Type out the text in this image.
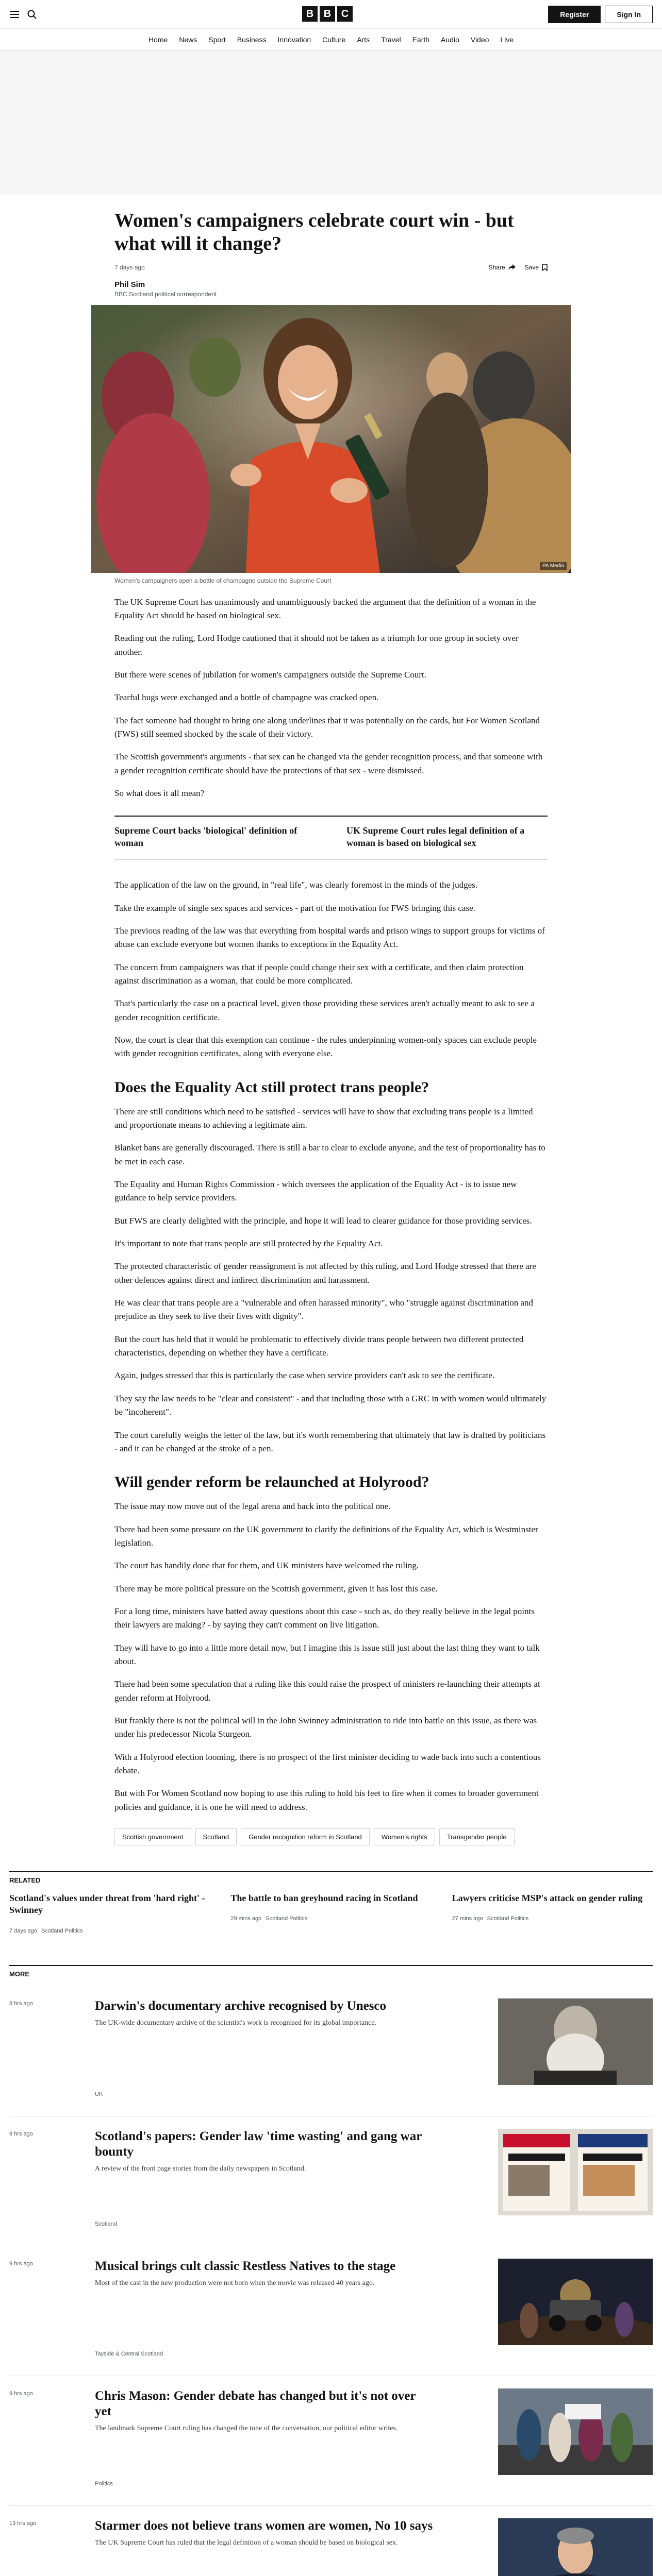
B B C	Register	Sign In
Home News Sport Business Innovation Culture Arts Travel Earth Audio Video Live
Women's campaigners celebrate court win - but what will it change?
7 days ago	Share	Save
Phil Sim
BBC Scotland political correspondent
PA Media

Women's campaigners open a bottle of champagne outside the Supreme Court

The UK Supreme Court has unanimously and unambiguously backed the argument that the definition of a woman in the Equality Act should be based on biological sex.

Reading out the ruling, Lord Hodge cautioned that it should not be taken as a triumph for one group in society over another.

But there were scenes of jubilation for women's campaigners outside the Supreme Court.

Tearful hugs were exchanged and a bottle of champagne was cracked open.

The fact someone had thought to bring one along underlines that it was potentially on the cards, but For Women Scotland (FWS) still seemed shocked by the scale of their victory.

The Scottish government's arguments - that sex can be changed via the gender recognition process, and that someone with a gender recognition certificate should have the protections of that sex - were dismissed.

So what does it all mean?

Supreme Court backs 'biological' definition of woman
UK Supreme Court rules legal definition of a woman is based on biological sex

The application of the law on the ground, in "real life", was clearly foremost in the minds of the judges.

Take the example of single sex spaces and services - part of the motivation for FWS bringing this case.

The previous reading of the law was that everything from hospital wards and prison wings to support groups for victims of abuse can exclude everyone but women thanks to exceptions in the Equality Act.

The concern from campaigners was that if people could change their sex with a certificate, and then claim protection against discrimination as a woman, that could be more complicated.

That's particularly the case on a practical level, given those providing these services aren't actually meant to ask to see a gender recognition certificate.

Now, the court is clear that this exemption can continue - the rules underpinning women-only spaces can exclude people with gender recognition certificates, along with everyone else.

Does the Equality Act still protect trans people?

There are still conditions which need to be satisfied - services will have to show that excluding trans people is a limited and proportionate means to achieving a legitimate aim.

Blanket bans are generally discouraged. There is still a bar to clear to exclude anyone, and the test of proportionality has to be met in each case.

The Equality and Human Rights Commission - which oversees the application of the Equality Act - is to issue new guidance to help service providers.

But FWS are clearly delighted with the principle, and hope it will lead to clearer guidance for those providing services.

It's important to note that trans people are still protected by the Equality Act.

The protected characteristic of gender reassignment is not affected by this ruling, and Lord Hodge stressed that there are other defences against direct and indirect discrimination and harassment.

He was clear that trans people are a "vulnerable and often harassed minority", who "struggle against discrimination and prejudice as they seek to live their lives with dignity".

But the court has held that it would be problematic to effectively divide trans people between two different protected characteristics, depending on whether they have a certificate.

Again, judges stressed that this is particularly the case when service providers can't ask to see the certificate.

They say the law needs to be "clear and consistent" - and that including those with a GRC in with women would ultimately be "incoherent".

The court carefully weighs the letter of the law, but it's worth remembering that ultimately that law is drafted by politicians - and it can be changed at the stroke of a pen.

Will gender reform be relaunched at Holyrood?

The issue may now move out of the legal arena and back into the political one.

There had been some pressure on the UK government to clarify the definitions of the Equality Act, which is Westminster legislation.

The court has handily done that for them, and UK ministers have welcomed the ruling.

There may be more political pressure on the Scottish government, given it has lost this case.

For a long time, ministers have batted away questions about this case - such as, do they really believe in the legal points their lawyers are making? - by saying they can't comment on live litigation.

They will have to go into a little more detail now, but I imagine this is issue still just about the last thing they want to talk about.

There had been some speculation that a ruling like this could raise the prospect of ministers re-launching their attempts at gender reform at Holyrood.

But frankly there is not the political will in the John Swinney administration to ride into battle on this issue, as there was under his predecessor Nicola Sturgeon.

With a Holyrood election looming, there is no prospect of the first minister deciding to wade back into such a contentious debate.

But with For Women Scotland now hoping to use this ruling to hold his feet to fire when it comes to broader government policies and guidance, it is one he will need to address.

Scottish government	Scotland	Gender recognition reform in Scotland	Women's rights	Transgender people
RELATED
Scotland's values under threat from 'hard right' - Swinney
7 days ago Scotland Politics
The battle to ban greyhound racing in Scotland
29 mins ago Scotland Politics
Lawyers criticise MSP's attack on gender ruling
27 mins ago Scotland Politics
MORE
8 hrs ago	Darwin's documentary archive recognised by Unesco
The UK-wide documentary archive of the scientist's work is recognised for its global importance.
UK
9 hrs ago	Scotland's papers: Gender law 'time wasting' and gang war bounty
A review of the front page stories from the daily newspapers in Scotland.
Scotland
9 hrs ago	Musical brings cult classic Restless Natives to the stage
Most of the cast in the new production were not born when the movie was released 40 years ago.
Tayside & Central Scotland
9 hrs ago	Chris Mason: Gender debate has changed but it's not over yet
The landmark Supreme Court ruling has changed the tone of the conversation, our political editor writes.
Politics
13 hrs ago	Starmer does not believe trans women are women, No 10 says
The UK Supreme Court has ruled that the legal definition of a woman should be based on biological sex.
